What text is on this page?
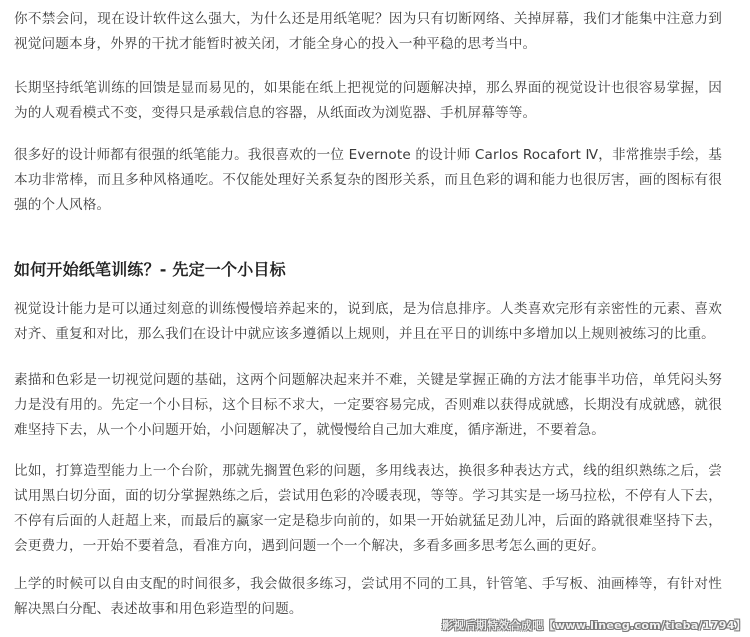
你不禁会问，现在设计软件这么强大，为什么还是用纸笔呢？因为只有切断网络、关掉屏幕，我们才能集中注意力到视觉问题本身，外界的干扰才能暂时被关闭，才能全身心的投入一种平稳的思考当中。

长期坚持纸笔训练的回馈是显而易见的，如果能在纸上把视觉的问题解决掉，那么界面的视觉设计也很容易掌握，因为的人观看模式不变，变得只是承载信息的容器，从纸面改为浏览器、手机屏幕等等。

很多好的设计师都有很强的纸笔能力。我很喜欢的一位 Evernote 的设计师 Carlos Rocafort Ⅳ，非常推崇手绘，基本功非常棒，而且多种风格通吃。不仅能处理好关系复杂的图形关系，而且色彩的调和能力也很厉害，画的图标有很强的个人风格。

如何开始纸笔训练？- 先定一个小目标

视觉设计能力是可以通过刻意的训练慢慢培养起来的，说到底，是为信息排序。人类喜欢完形有亲密性的元素、喜欢对齐、重复和对比，那么我们在设计中就应该多遵循以上规则，并且在平日的训练中多增加以上规则被练习的比重。

素描和色彩是一切视觉问题的基础，这两个问题解决起来并不难，关键是掌握正确的方法才能事半功倍，单凭闷头努力是没有用的。先定一个小目标，这个目标不求大，一定要容易完成，否则难以获得成就感，长期没有成就感，就很难坚持下去，从一个小问题开始，小问题解决了，就慢慢给自己加大难度，循序渐进，不要着急。

比如，打算造型能力上一个台阶，那就先搁置色彩的问题，多用线表达，换很多种表达方式，线的组织熟练之后，尝试用黑白切分面，面的切分掌握熟练之后，尝试用色彩的冷暖表现，等等。学习其实是一场马拉松，不停有人下去，不停有后面的人赶超上来，而最后的赢家一定是稳步向前的，如果一开始就猛足劲儿冲，后面的路就很难坚持下去，会更费力，一开始不要着急，看准方向，遇到问题一个一个解决，多看多画多思考怎么画的更好。

上学的时候可以自由支配的时间很多，我会做很多练习，尝试用不同的工具，针管笔、手写板、油画棒等，有针对性解决黑白分配、表述故事和用色彩造型的问题。

影视后期特效合成吧【www.lineeg.com/tieba/1794】
